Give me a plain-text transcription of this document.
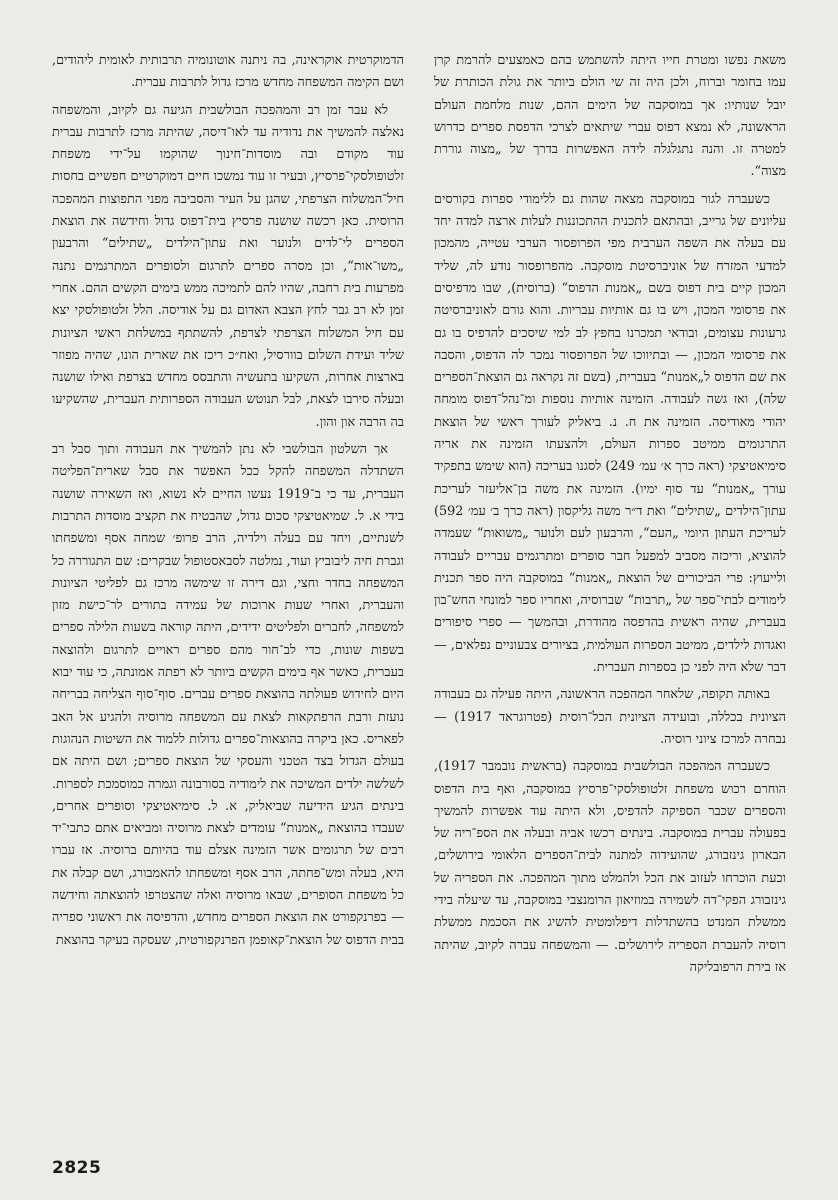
משאת נפשו ומטרת חייו היתה להשתמש בהם כאמצעים להרמת קרן עמו בחומר וברוח, ולכן היה זה שי הולם ביותר את גולת הכותרת של יובל שנותיו: אך במוסקבה של הימים ההם, שנות מלחמת העולם הראשונה, לא נמצא דפוס עברי שיתאים לצרכי הדפסת ספרים כדרוש למטרה זו. והנה נתגלגלה לידה האפשרות בדרך של „מצוה גוררת מצוה“.

כשעברה לגור במוסקבה מצאה שהות גם ללימודי ספרות בקורסים עליונים של גרייב, ובהתאם לתכנית ההתכוננות לעלות ארצה למדה יחד עם בעלה את השפה הערבית מפי הפרופסור הערבי עטייה, מהמכון למדעי המזרח של אוניברסיטת מוסקבה. מהפרופסור נודע לה, שליד המכון קיים בית דפוס בשם „אמנות הדפוס“ (ברוסית), שבו מדפיסים את פרסומי המכון, ויש בו גם אותיות עבריות. והוא גורם לאוניברסיטה גרעונות עצומים, ובודאי תמכרנו בחפץ לב למי שיסכים להדפיס בו גם את פרסומי המכון, — ובתיווכו של הפרופסור נמכר לה הדפוס, והסבה את שם הדפוס ל„אמנות“ בעברית, (בשם זה נקראה גם הוצאת־הספרים שלה), ואז גשה לעבודה. הזמינה אותיות נוספות ומ־נהל־דפוס מומחה יהודי מאודיסה. הזמינה את ח. נ. ביאליק לעורך ראשי של הוצאת התרגומים ממיטב ספרות העולם, ולהצעתו הזמינה את אריה סימיאטיצקי (ראה כרך א׳ עמ׳ 249) לסגנו בעריכה (הוא שימש בתפקיד עורך „אמנות“ עד סוף ימיו). הזמינה את משה בן־אליעזר לעריכת עתון־הילדים „שתילים“ ואת ד״ר משה גליקסון (ראה כרך ב׳ עמ׳ 592) לעריכת העתון היומי „העם“, והרבעון לעם ולנוער „משואות“ שעמדה להוציא, וריכזה מסביב למפעל חבר סופרים ומתרגמים עבריים לעבודה ולייעוץ: פרי הביכורים של הוצאת „אמנות“ במוסקבה היה ספר תכנית לימודים לבתי־ספר של „תרבות“ שברוסיה, ואחריו ספר למונחי החש־בון בעברית, שהיה ראשית בהדפסה מהודרת, ובהמשך — ספרי סיפורים ואגדות לילדים, ממיטב הספרות העולמית, בציורים צבעוניים נפלאים, — דבר שלא היה לפני כן בספרות העברית.

באותה תקופה, שלאחר המהפכה הראשונה, היתה פעילה גם בעבודה הציונית בכללה, ובועידה הציונית הכל־רוסית (פטרוגראד 1917) — נבחרה למרכז ציוני רוסיה.

כשעברה המהפכה הבולשבית במוסקבה (בראשית נובמבר 1917), הוחרם רכוש משפחת זלטופולסקי־פרסיץ במוסקבה, ואף בית הדפוס והספרים שכבר הספיקה להדפיס, ולא היתה עוד אפשרות להמשיך בפעולה עברית במוסקבה. בינתים רכשו אביה ובעלה את הספ־ריה של הבארון גינזבורג, שהועידוה למתנה לבית־הספרים הלאומי בירושלים, וכעת הוכרחו לעזוב את הכל ולהמלט מתוך המהפכה. את הספריה של גינזבורג הפקי־דה לשמירה במוזיאון הרומנצבי במוסקבה, עד שיעלה בידי ממשלת המנדט בהשתדלות דיפלומטית להשיג את הסכמת ממשלת רוסיה להעברת הספריה לירושלים. — והמשפחה עברה לקיוב, שהיתה אז בירת הרפובליקה

הדמוקרטית אוקראינה, בה ניתנה אוטונומיה תרבותית לאומית ליהודים, ושם הקימה המשפחה מחדש מרכז גדול לתרבות עברית.

לא עבר זמן רב והמהפכה הבולשבית הגיעה גם לקיוב, והמשפחה נאלצה להמשיך את נדודיה עד לאו־דיסה, שהיתה מרכז לתרבות עברית עוד מקודם ובה מוסדות־חינוך שהוקמו על־ידי משפחת זלטופולסקי־פרסיץ, ובעיר זו עוד נמשכו חיים דמוקרטיים חפשיים בחסות חיל־המשלוח הצרפתי, שהגן על העיר והסביבה מפני התפוצות המהפכה הרוסית. כאן רכשה שושנה פרסיץ בית־דפוס גדול וחידשה את הוצאת הספרים לי־לדים ולנוער ואת עתון־הילדים „שתילים“ והרבעון „משו־אות“, וכן מסרה ספרים לתרגום ולסופרים המתרגמים נתנה מפרעות בית רחבה, שהיו להם לתמיכה ממש בימים הקשים ההם. אחרי זמן לא רב גבר לחץ הצבא האדום גם על אודיסה. הלל זלטופולסקי יצא עם חיל המשלוח הצרפתי לצרפת, להשתתף במשלחת ראשי הציונות שליד ועידת השלום בוורסיל, ואח״כ ריכז את שארית הונו, שהיה מפוזר בארצות אחרות, השקיעו בתעשיה והתבסס מחדש בצרפת ואילו שושנה ובעלה סירבו לצאת, לבל תנוטש העבודה הספרותית העברית, שהשקיעו בה הרבה און והון.

אך השלטון הבולשבי לא נתן להמשיך את העבודה ותוך סבל רב השתדלה המשפחה להקל ככל האפשר את סבל שארית־הפליטה העברית, עד כי ב־1919 נעשו החיים לא נשוא, ואז השאירה שושנה בידי א. ל. שמיאטיצקי סכום גדול, שהבטיח את תקציב מוסדות התרבות לשנתיים, ויחד עם בעלה וילדיה, הרב פרופ׳ שמחה אסף ומשפחתו וגברת חיה ליבוביץ ועוד, נמלטה לסבאסטופול שבקרים: שם התגוררה כל המשפחה בחדר וחצי, וגם דירה זו שימשה מרכז גם לפליטי הציונות והעברית, ואחרי שעות ארוכות של עמידה בתורים לר־כישת מזון למשפחה, לחברים ולפליטים ידידים, היתה קוראה בשעות הלילה ספרים בשפות שונות, כדי לב־חור מהם ספרים ראויים לתרגום ולהוצאה בעברית, כאשר אף בימים הקשים ביותר לא רפתה אמונתה, כי עוד יבוא היום לחידוש פעולתה בהוצאת ספרים עברים. סוף־סוף הצליחה בבריחה נועזת ורבת הרפתקאות לצאת עם המשפחה מרוסיה ולהגיע אל האב לפאריס. כאן ביקרה בהוצאות־ספרים גדולות ללמוד את השיטות הנהוגות בעולם הגדול בצד הטכני והעסקי של הוצאת ספרים; ושם היתה אם לשלשה ילדים המשיכה את לימודיה בסורבונה וגמרה כמוסמכת לספרות. בינתים הגיע הידיעה שביאליק, א. ל. סימיאטיצקי וסופרים אחרים, שעבדו בהוצאת „אמנות“ עומדים לצאת מרוסיה ומביאים אתם כתבי־יד רבים של תרגומים אשר הזמינה אצלם עוד בהיותם ברוסיה. אז עברו היא, בעלה ומש־פחתה, הרב אסף ומשפחתו להאמבורג, ושם קבלה את כל משפחת הסופרים, שבאו מרוסיה ואלה שהצטרפו להוצאתה וחידשה — בפרנקפורט את הוצאת הספרים מחדש, והדפיסה את ראשוני ספריה בבית הדפוס של הוצאת־קאופמן הפרנקפורטית, שעסקה בעיקר בהוצאת

2825
